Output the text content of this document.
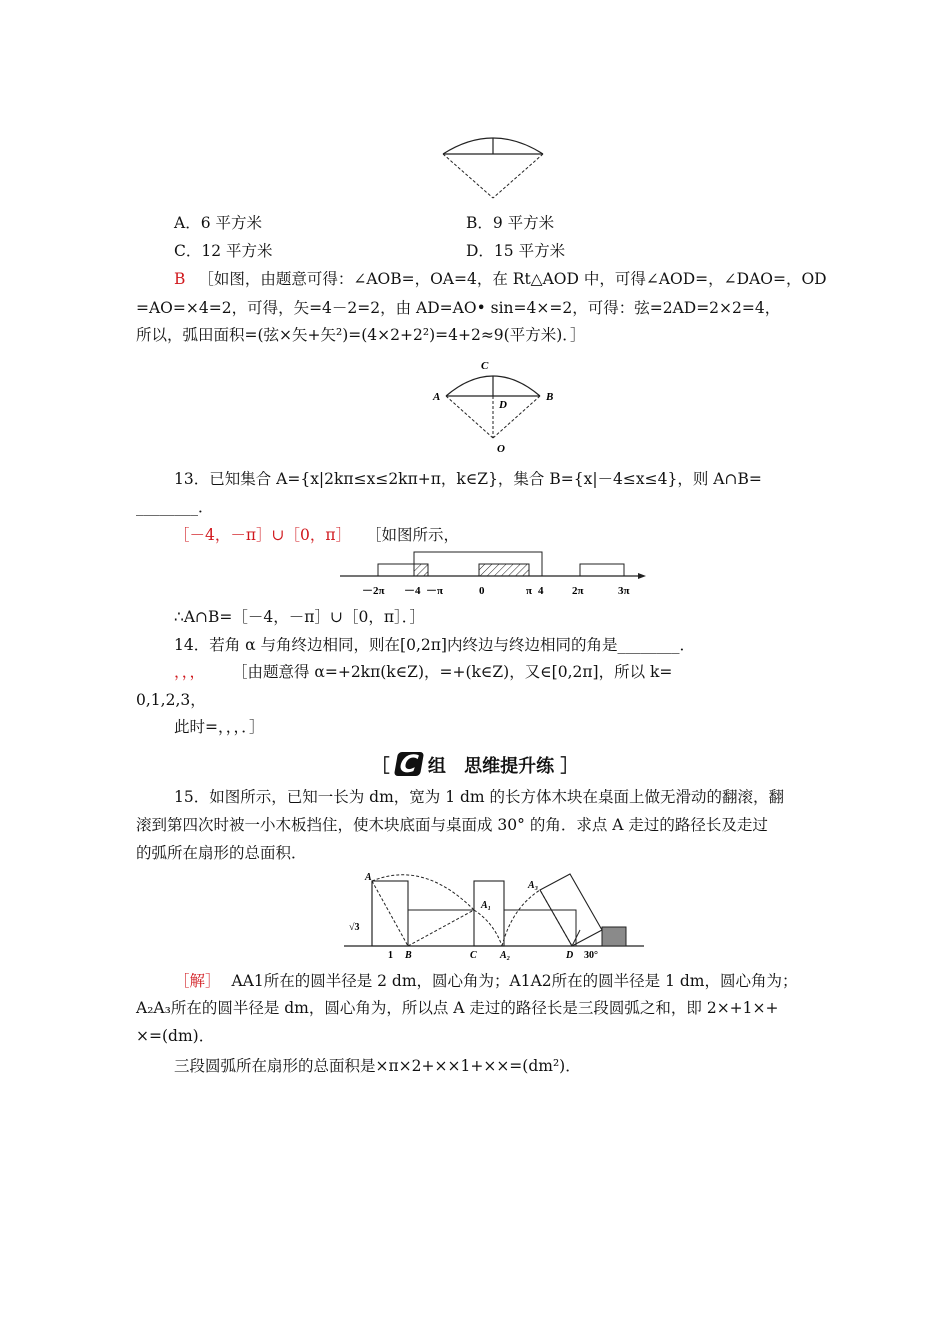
A．6 平方米	B．9 平方米
C．12 平方米	D．15 平方米
B ［如图，由题意可得：∠AOB=，OA=4，在 Rt△AOD 中，可得∠AOD=，∠DAO=，OD
=AO=×4=2，可得，矢=4－2=2，由 AD=AO• sin=4×=2，可得：弦=2AD=2×2=4，
所以，弧田面积=(弦×矢+矢²)=(4×2+2²)=4+2≈9(平方米)．］
C
A
D
B
O
13．已知集合 A={x|2kπ≤x≤2kπ+π，k∈Z}，集合 B={x|－4≤x≤4}，则 A∩B=
________．
［－4，－π］∪［0，π］ ［如图所示，
－2π －4 －π	0	π 4	2π	3π
∴A∩B=［－4，－π］∪［0，π］．］
14．若角 α 与角终边相同，则在[0,2π]内终边与终边相同的角是________．
，，， ［由题意得 α=+2kπ(k∈Z)，=+(k∈Z)，又∈[0,2π]，所以 k=
0,1,2,3，
此时=，，，．］
［ C 组 思维提升练 ］
15．如图所示，已知一长为 dm，宽为 1 dm 的长方体木块在桌面上做无滑动的翻滚，翻
滚到第四次时被一小木板挡住，使木块底面与桌面成 30° 的角．求点 A 走过的路径长及走过
的弧所在扇形的总面积．
A
A₁
A₃
√3
1 B	C A₂	D 30°
［解］ AA1所在的圆半径是 2 dm，圆心角为；A1A2所在的圆半径是 1 dm，圆心角为；
A₂A₃所在的圆半径是 dm，圆心角为，所以点 A 走过的路径长是三段圆弧之和，即 2×+1×+
×=(dm)．
三段圆弧所在扇形的总面积是×π×2+××1+××=(dm²)．
